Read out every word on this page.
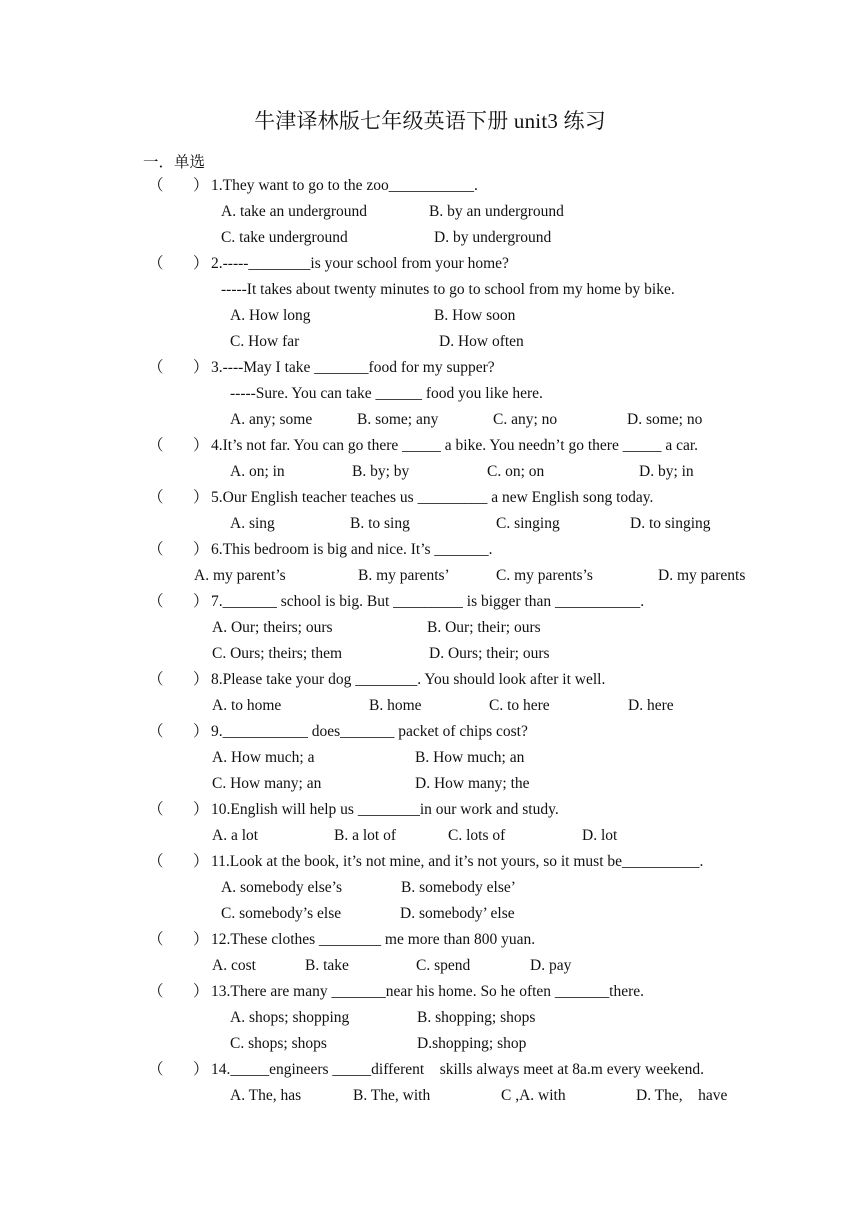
牛津译林版七年级英语下册 unit3 练习
一．单选
（ ） 1.They want to go to the zoo___________.
A. take an underground	B. by an underground
C. take underground	D. by underground
（ ） 2.-----________is your school from your home?
-----It takes about twenty minutes to go to school from my home by bike.
A. How long	B. How soon
C. How far	D. How often
（ ） 3.----May I take _______food for my supper?
-----Sure. You can take ______ food you like here.
A. any; some	B. some; any	C. any; no	D. some; no
（ ） 4.It’s not far. You can go there _____ a bike. You needn’t go there _____ a car.
A. on; in	B. by; by	C. on; on	D. by; in
（ ） 5.Our English teacher teaches us _________ a new English song today.
A. sing	B. to sing	C. singing	D. to singing
（ ） 6.This bedroom is big and nice. It’s _______.
A. my parent’s	B. my parents’	C. my parents’s	D. my parents
（ ） 7._______ school is big. But _________ is bigger than ___________.
A. Our; theirs; ours	B. Our; their; ours
C. Ours; theirs; them	D. Ours; their; ours
（ ） 8.Please take your dog ________. You should look after it well.
A. to home	B. home	C. to here	D. here
（ ） 9.___________ does_______ packet of chips cost?
A. How much; a	B. How much; an
C. How many; an	D. How many; the
（ ） 10.English will help us ________in our work and study.
A. a lot	B. a lot of	C. lots of	D. lot
（ ） 11.Look at the book, it’s not mine, and it’s not yours, so it must be__________.
A. somebody else’s	B. somebody else’
C. somebody’s else	D. somebody’ else
（ ） 12.These clothes ________ me more than 800 yuan.
A. cost	B. take	C. spend	D. pay
（ ） 13.There are many _______near his home. So he often _______there.
A. shops; shopping	B. shopping; shops
C. shops; shops	D.shopping; shop
（ ） 14._____engineers _____different    skills always meet at 8a.m every weekend.
A. The, has	B. The, with	C ,A. with	D. The,    have
